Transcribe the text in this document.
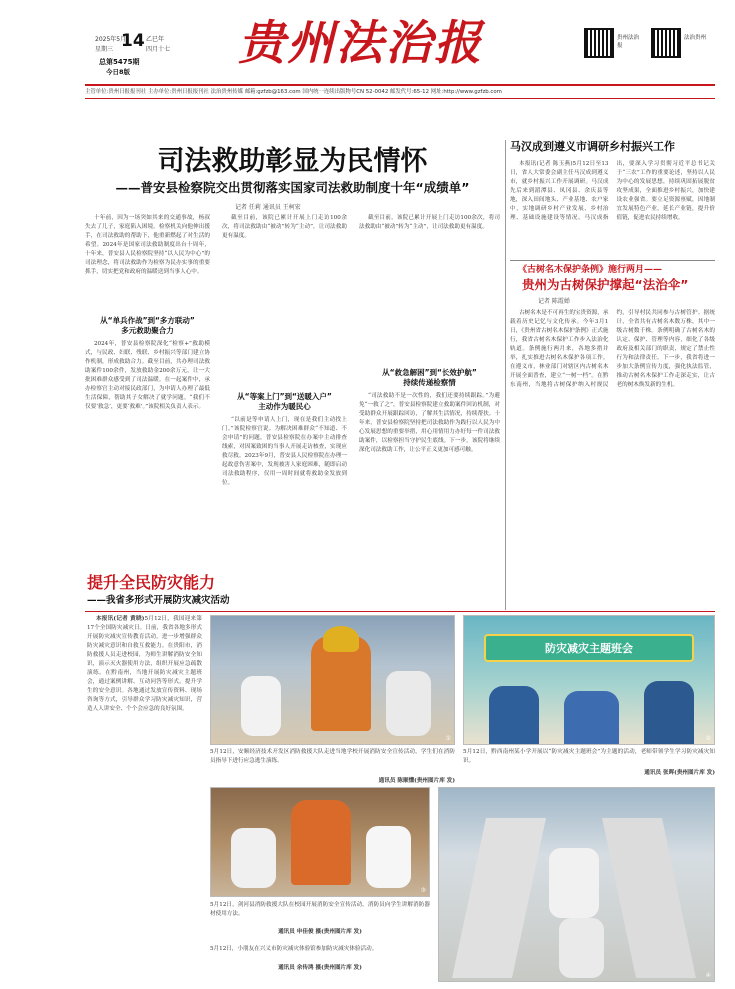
2025年5月
星期三 14 乙巳年
四月十七
总第5475期
今日8版
贵州法治报	贵州法治报
法治贵州
主管单位:贵州日报报刊社 主办单位:贵州日报报刊社 法治贵州传媒 邮箱:gzfzb@163.com 国内统一连续出版物号CN 52-0042 邮发代号:65-12 网址:http://www.gzfzb.com
司法救助彰显为民情怀
——普安县检察院交出贯彻落实国家司法救助制度十年“成绩单”
记者 任莉 通讯员 王柯宏

十年前，因为一场突如其来的交通事故，杨叔失去了儿子，家庭陷入困境。检察机关向他伸出援手，在司法救助的帮助下，他重新燃起了对生活的希望。2024年是国家司法救助制度出台十周年，十年来，普安县人民检察院坚持“以人民为中心”的司法理念，将司法救助作为检察为民办实事的重要抓手，切实把党和政府的温暖送到当事人心中。

从“单兵作战”到“多方联动”
多元救助聚合力

2024年，普安县检察院深化“检察+”救助模式，与民政、妇联、残联、乡村振兴等部门建立协作机制，形成救助合力。截至目前，共办理司法救助案件100余件，发放救助金200余万元，让一大批困难群众感受到了司法温暖。在一起案件中，承办检察官主动对接民政部门，为申请人办理了最低生活保障，帮助其子女解决了就学问题。“我们不仅要‘救急’，更要‘救难’。”该院相关负责人表示。

截至目前，该院已累计开展上门走访100余次，将司法救助由“被动”转为“主动”，让司法救助更有温度。

从“等案上门”到“送暖入户”
主动作为暖民心

“以前是等申请人上门，现在是我们主动找上门。”该院检察官说。为解决困难群众“不知道、不会申请”的问题，普安县检察院在办案中主动排查线索，对因案致困的当事人开展走访核查，实现应救尽救。2023年9月，普安县人民检察院在办理一起故意伤害案中，发现被害人家庭困难，随即启动司法救助程序，仅用一周时间就将救助金发放到位。

截至目前，该院已累计开展上门走访100余次，将司法救助由“被动”转为“主动”，让司法救助更有温度。

从“救急解困”到“长效护航”
持续传递检察情

“司法救助不是一次性的，我们还要持续跟踪。”为避免“一救了之”，普安县检察院建立救助案件回访机制，对受助群众开展跟踪回访，了解其生活情况，持续帮扶。十年来，普安县检察院坚持把司法救助作为践行以人民为中心发展思想的重要举措，用心用情用力办好每一件司法救助案件，以检察担当守护民生底线。下一步，该院将继续深化司法救助工作，让公平正义更加可感可触。

马汉成到遵义市调研乡村振兴工作

本报讯(记者 陈玉燕)5月12日至13日，省人大常委会副主任马汉成到遵义市，就乡村振兴工作开展调研。马汉成先后来到湄潭县、凤冈县、余庆县等地，深入田间地头、产业基地、农户家中，实地调研乡村产业发展、乡村治理、基础设施建设等情况。马汉成指出，要深入学习贯彻习近平总书记关于“三农”工作的重要论述，坚持以人民为中心的发展思想，持续巩固拓展脱贫攻坚成果，全面推进乡村振兴，加快建设农业强省。要立足资源禀赋，因地制宜发展特色产业，延长产业链，提升价值链，促进农民持续增收。

《古树名木保护条例》施行两月——
贵州为古树保护撑起“法治伞”
记者 陈霞婵

古树名木是不可再生的宝贵资源，承载着历史记忆与文化传承。今年3月1日，《贵州省古树名木保护条例》正式施行，我省古树名木保护工作步入法治化轨道。条例施行两月来，各地多措并举，扎实推进古树名木保护各项工作。在遵义市，林业部门对辖区内古树名木开展全面普查，建立“一树一档”。在黔东南州，当地将古树保护纳入村规民约，引导村民共同参与古树管护。据统计，全省共有古树名木数万株，其中一级古树数千株。条例明确了古树名木的认定、保护、管理等内容，细化了各级政府及相关部门的职责，规定了禁止性行为和法律责任。下一步，我省将进一步加大条例宣传力度，强化执法监管，推动古树名木保护工作走深走实，让古老的树木焕发新的生机。

提升全民防灾能力
——我省多形式开展防灾减灾活动

本报讯(记者 黄晓)5月12日，我国迎来第17个全国防灾减灾日。日前，我省各地多形式开展防灾减灾宣传教育活动，进一步增强群众防灾减灾意识和自救互救能力。在贵阳市，消防救援人员走进校园，为师生讲解消防安全知识，演示灭火器使用方法，组织开展应急疏散演练。在黔南州，当地开展防灾减灾主题班会，通过案例讲解、互动问答等形式，提升学生的安全意识。各地通过发放宣传资料、现场咨询等方式，引导群众学习防灾减灾知识，营造人人讲安全、个个会应急的良好氛围。

①
5月12日，安顺经济技术开发区消防救援大队走进当地学校开展消防安全宣传活动，学生们在消防员指导下进行应急逃生演练。
通讯员 陈顺懂(贵州图片库 发)
防灾减灾主题班会
②
5月12日，黔西南州某小学开展以“防灾减灾主题班会”为主题的活动，老师带领学生学习防灾减灾知识。
通讯员 张晖(贵州图片库 发)
③
④
5月12日，剑河县消防救援大队在校园开展消防安全宣传活动，消防员向学生讲解消防器材使用方法。
通讯员 申佳俊 摄(贵州图片库 发)
5月12日，小朋友在兴义市防灾减灾体验馆参加防灾减灾体验活动。
通讯员 余传鸿 摄(贵州图片库 发)
